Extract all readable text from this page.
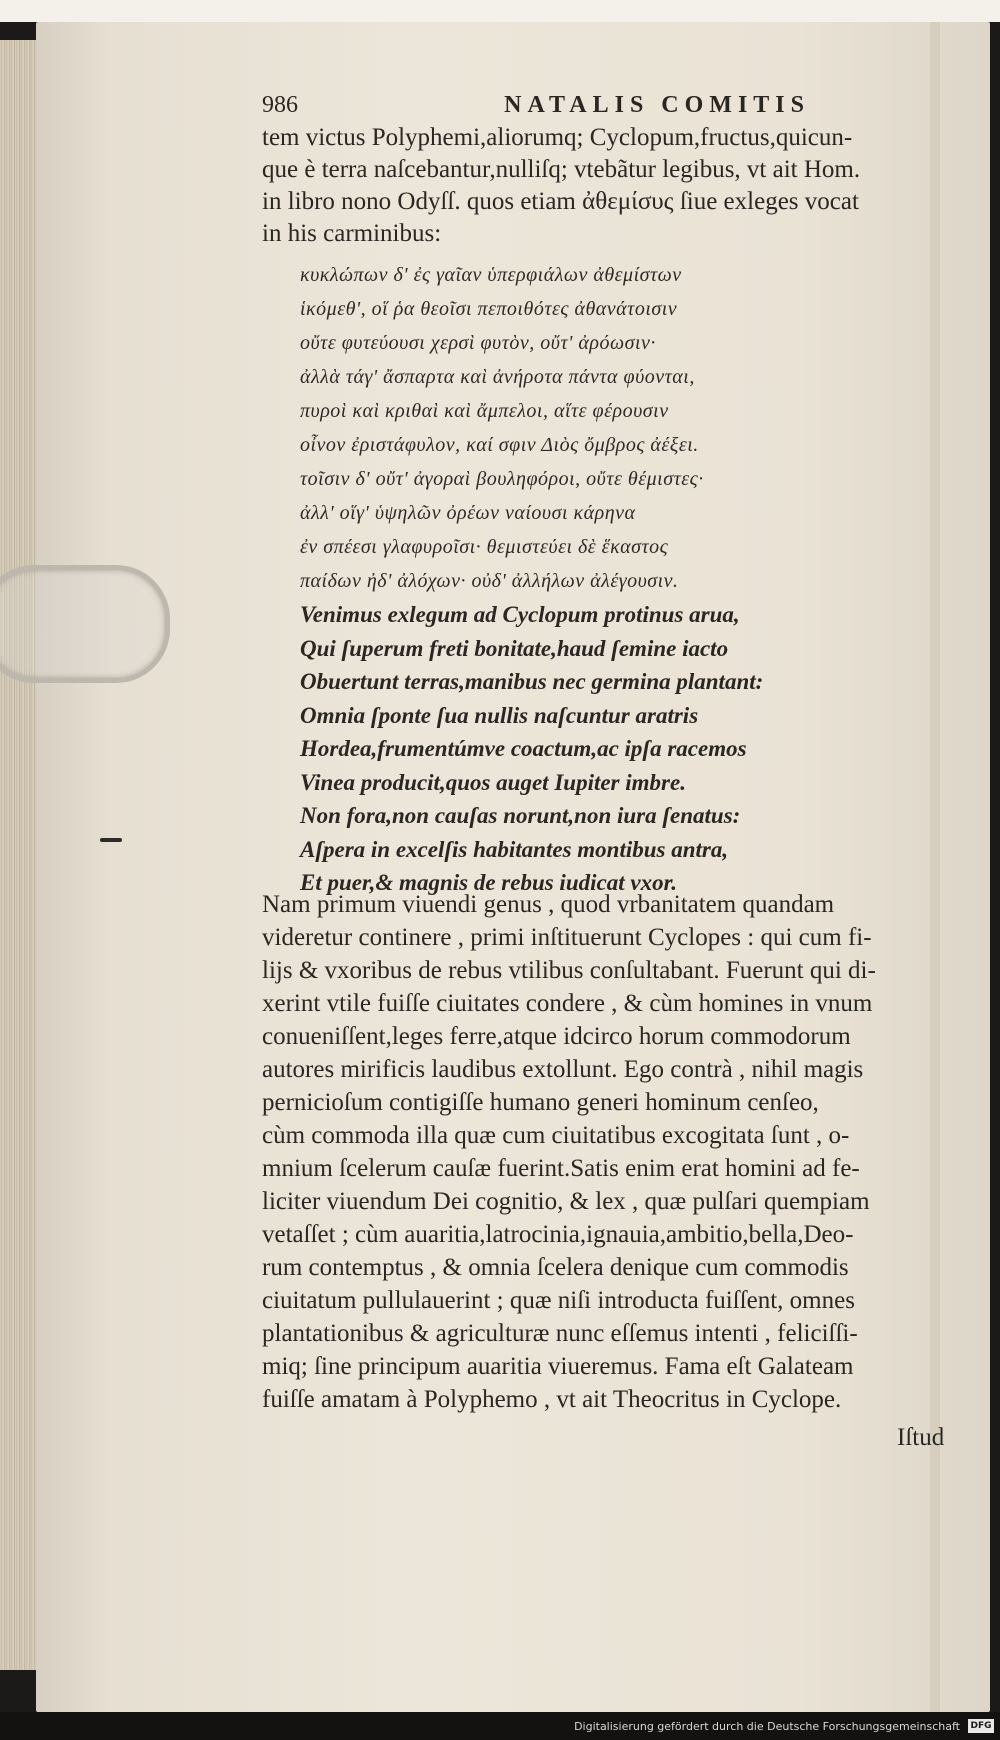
986	NATALIS COMITIS
tem victus Polyphemi,aliorumq; Cyclopum,fructus,quicun-
que è terra naſcebantur,nulliſq; vtebãtur legibus, vt ait Hom.
in libro nono Odyſſ. quos etiam ἀθεμίσυς ſiue exleges vocat
in his carminibus:
κυκλώπων δ' ἐς γαῖαν ὑπερφιάλων ἀθεμίστων
ἱκόμεθ', οἵ ῥα θεοῖσι πεποιθότες ἀθανάτοισιν
οὔτε φυτεύουσι χερσὶ φυτὸν, οὔτ' ἀρόωσιν·
ἀλλὰ τάγ' ἄσπαρτα καὶ ἀνήροτα πάντα φύονται,
πυροὶ καὶ κριθαὶ καὶ ἄμπελοι, αἵτε φέρουσιν
οἶνον ἐριστάφυλον, καί σφιν Διὸς ὄμβρος ἀέξει.
τοῖσιν δ' οὔτ' ἀγοραὶ βουληφόροι, οὔτε θέμιστες·
ἀλλ' οἵγ' ὑψηλῶν ὀρέων ναίουσι κάρηνα
ἐν σπέεσι γλαφυροῖσι· θεμιστεύει δὲ ἕκαστος
παίδων ἠδ' ἀλόχων· οὐδ' ἀλλήλων ἀλέγουσιν.
Venimus exlegum ad Cyclopum protinus arua,
Qui ſuperum freti bonitate,haud ſemine iacto
Obuertunt terras,manibus nec germina plantant:
Omnia ſponte ſua nullis naſcuntur aratris
Hordea,frumentúmve coactum,ac ipſa racemos
Vinea producit,quos auget Iupiter imbre.
Non fora,non cauſas norunt,non iura ſenatus:
Aſpera in excelſis habitantes montibus antra,
Et puer,& magnis de rebus iudicat vxor.
Nam primum viuendi genus , quod vrbanitatem quandam
videretur continere , primi inſtituerunt Cyclopes : qui cum fi-
lijs & vxoribus de rebus vtilibus conſultabant. Fuerunt qui di-
xerint vtile fuiſſe ciuitates condere , & cùm homines in vnum
conueniſſent,leges ferre,atque idcirco horum commodorum
autores mirificis laudibus extollunt. Ego contrà , nihil magis
pernicioſum contigiſſe humano generi hominum cenſeo,
cùm commoda illa quæ cum ciuitatibus excogitata ſunt , o-
mnium ſcelerum cauſæ fuerint.Satis enim erat homini ad fe-
liciter viuendum Dei cognitio, & lex , quæ pulſari quempiam
vetaſſet ; cùm auaritia,latrocinia,ignauia,ambitio,bella,Deo-
rum contemptus , & omnia ſcelera denique cum commodis
ciuitatum pullulauerint ; quæ niſi introducta fuiſſent, omnes
plantationibus & agriculturæ nunc eſſemus intenti , feliciſſi-
miq; ſine principum auaritia viueremus. Fama eſt Galateam
fuiſſe amatam à Polyphemo , vt ait Theocritus in Cyclope.
Iſtud
Digitalisierung gefördert durch die Deutsche Forschungsgemeinschaft DFG
